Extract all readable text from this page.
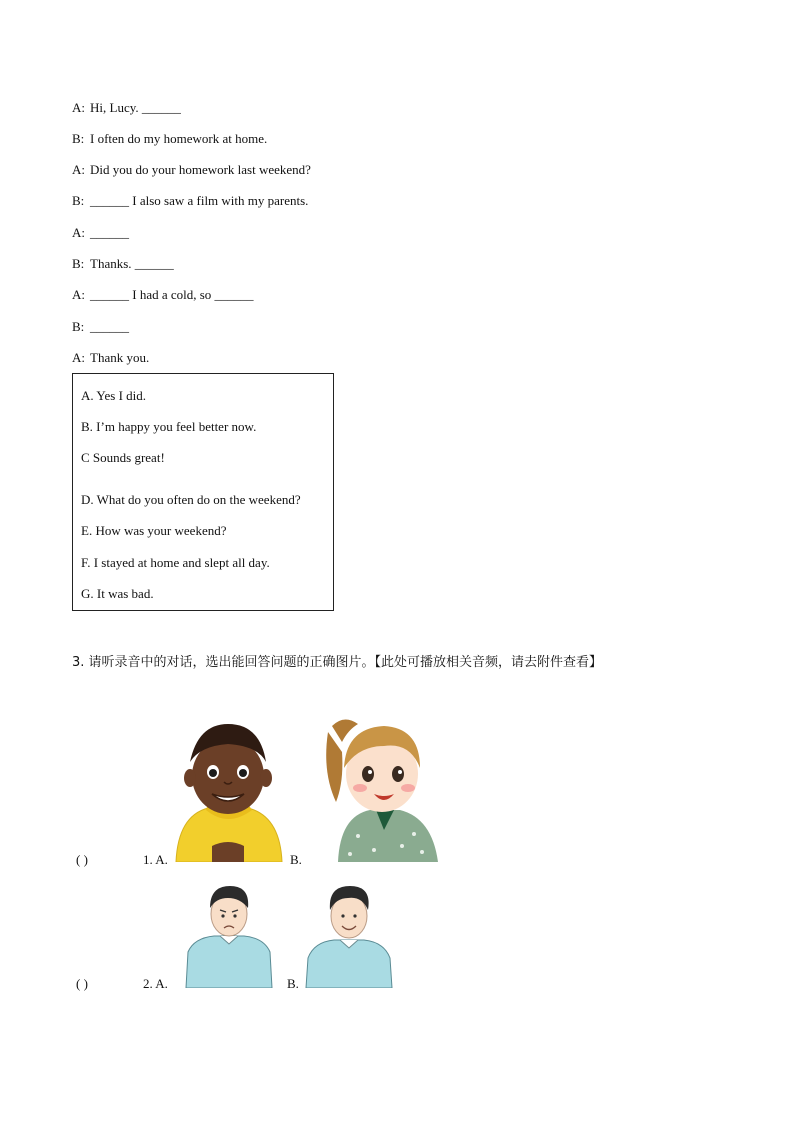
A: Hi, Lucy. ______
B: I often do my homework at home.
A: Did you do your homework last weekend?
B: ______ I also saw a film with my parents.
A: ______
B: Thanks. ______
A: ______ I had a cold, so ______
B: ______
A: Thank you.
A. Yes I did.
B. I’m happy you feel better now.
C Sounds great!
D. What do you often do on the weekend?
E. How was your weekend?
F. I stayed at home and slept all day.
G. It was bad.
3. 请听录音中的对话，选出能回答问题的正确图片。【此处可播放相关音频，请去附件查看】
( )	1. A.	B.
( )	2. A.	B.
